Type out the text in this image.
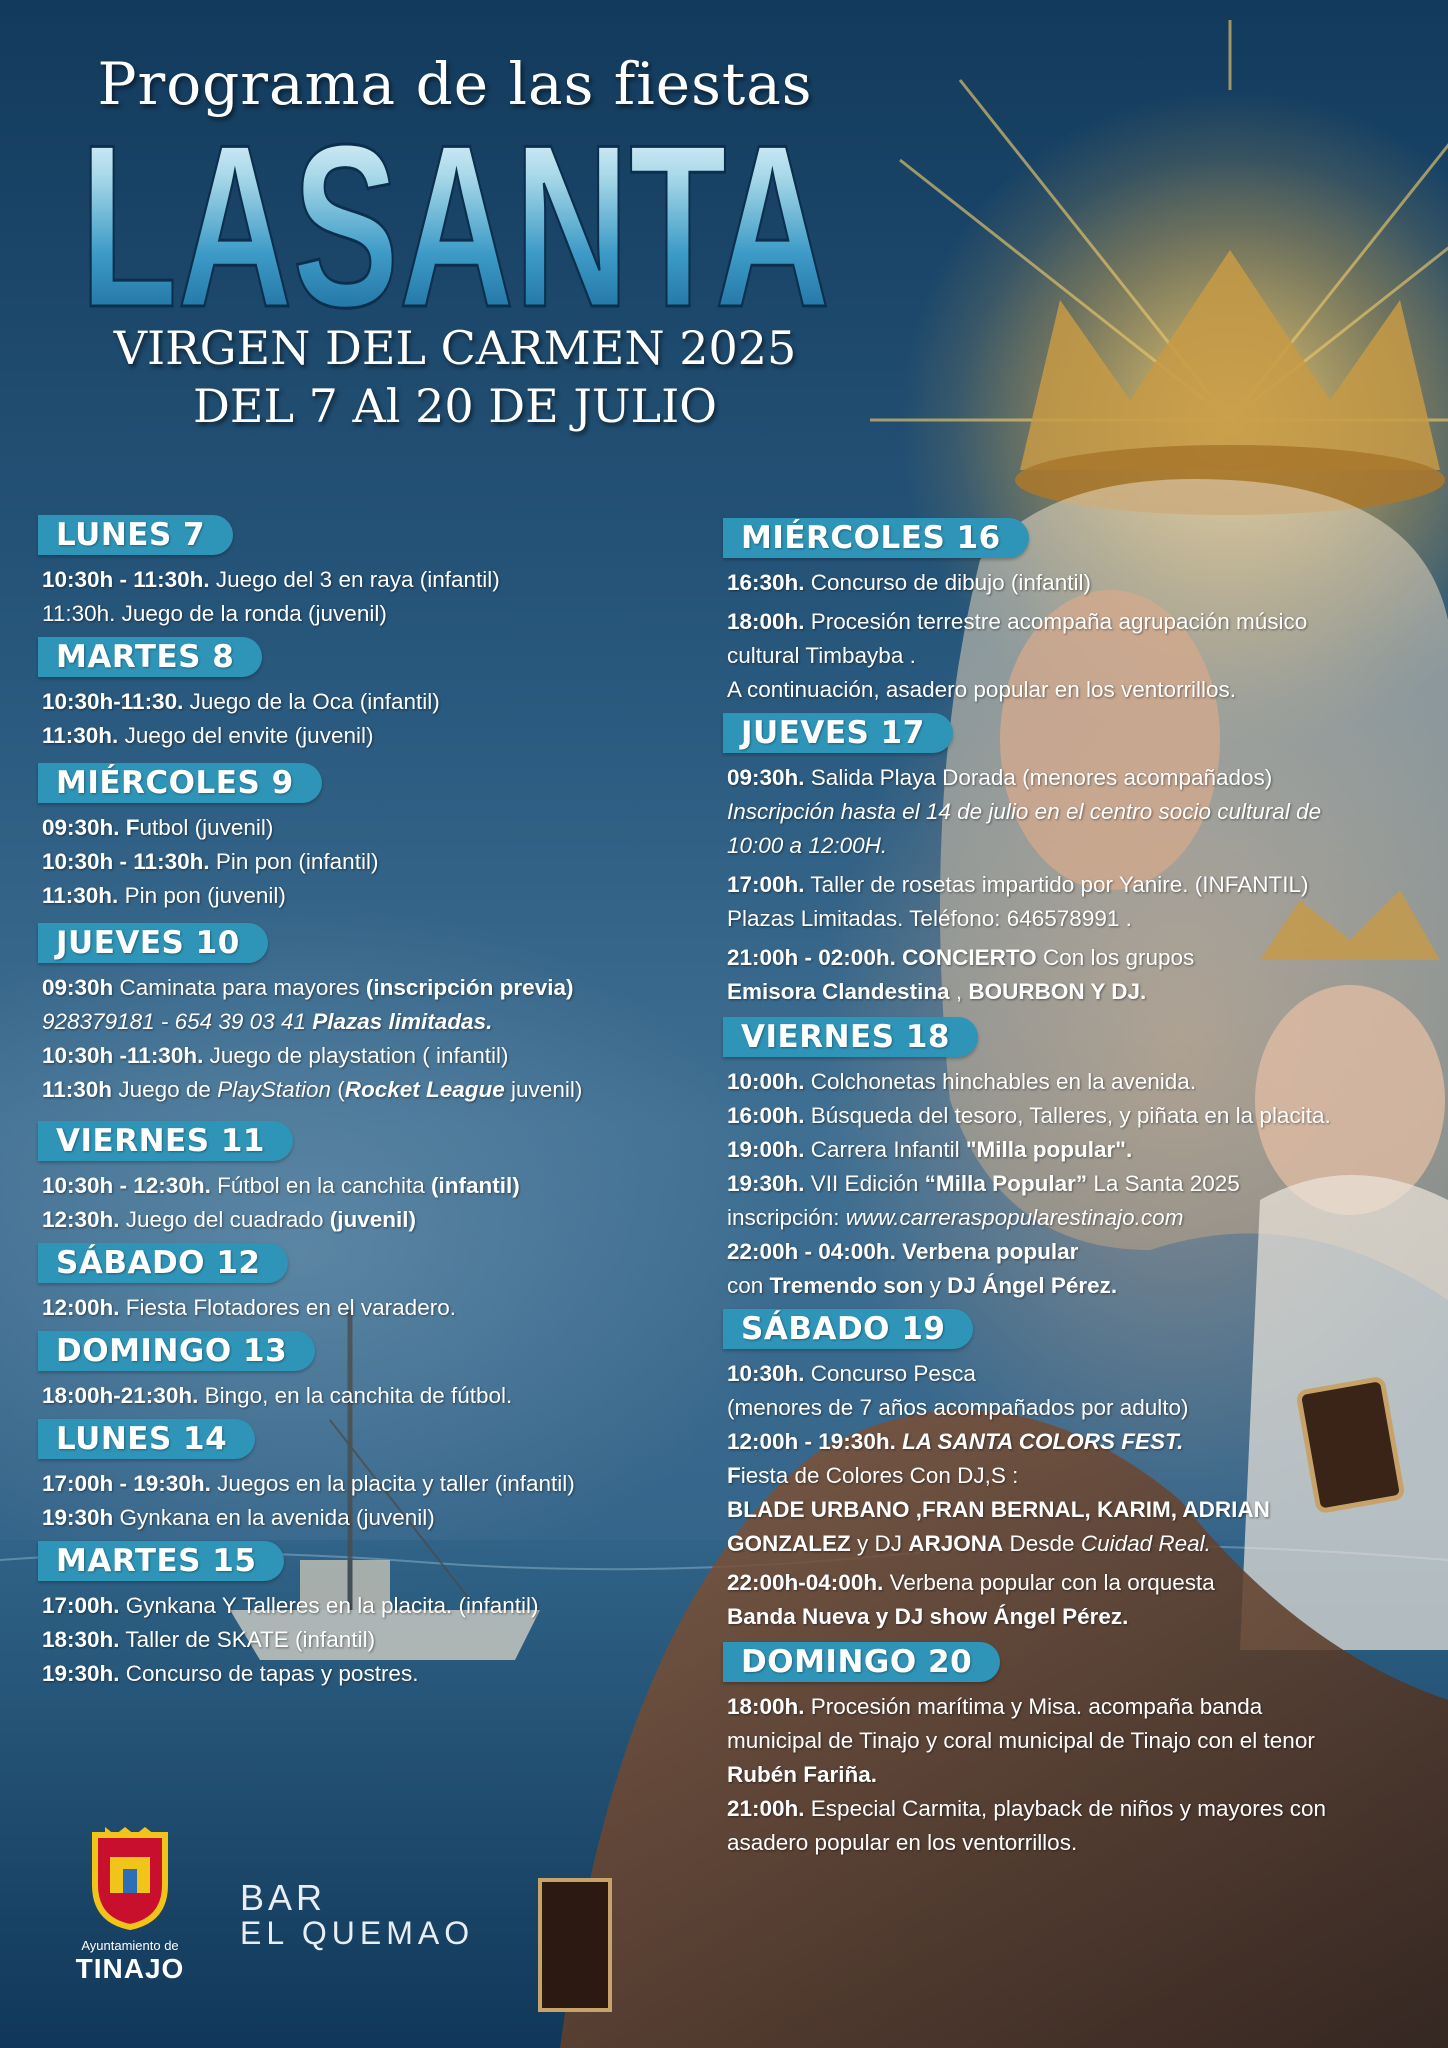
Programa de las fiestas
LASANTA
VIRGEN DEL CARMEN 2025
DEL 7 Al 20 DE JULIO
LUNES 7
10:30h - 11:30h. Juego del 3 en raya (infantil)
11:30h. Juego de la ronda (juvenil)
MARTES 8
10:30h-11:30. Juego de la Oca (infantil)
11:30h. Juego del envite (juvenil)
MIÉRCOLES 9
09:30h. Futbol (juvenil)
10:30h - 11:30h. Pin pon (infantil)
11:30h. Pin pon (juvenil)
JUEVES 10
09:30h Caminata para mayores (inscripción previa)
928379181 - 654 39 03 41 Plazas limitadas.
10:30h -11:30h. Juego de playstation ( infantil)
11:30h Juego de PlayStation (Rocket League juvenil)
VIERNES 11
10:30h - 12:30h. Fútbol en la canchita (infantil)
12:30h. Juego del cuadrado (juvenil)
SÁBADO 12
12:00h. Fiesta Flotadores en el varadero.
DOMINGO 13
18:00h-21:30h. Bingo, en la canchita de fútbol.
LUNES 14
17:00h - 19:30h. Juegos en la placita y taller (infantil)
19:30h Gynkana en la avenida (juvenil)
MARTES 15
17:00h. Gynkana Y Talleres en la placita. (infantil)
18:30h. Taller de SKATE (infantil)
19:30h. Concurso de tapas y postres.
MIÉRCOLES 16
16:30h. Concurso de dibujo (infantil)
18:00h. Procesión terrestre acompaña agrupación músico
cultural Timbayba .
A continuación, asadero popular en los ventorrillos.
JUEVES 17
09:30h. Salida Playa Dorada (menores acompañados)
Inscripción hasta el 14 de julio en el centro socio cultural de
10:00 a 12:00H.
17:00h. Taller de rosetas impartido por Yanire. (INFANTIL)
Plazas Limitadas. Teléfono: 646578991 .
21:00h - 02:00h. CONCIERTO Con los grupos
Emisora Clandestina , BOURBON Y DJ.
VIERNES 18
10:00h. Colchonetas hinchables en la avenida.
16:00h. Búsqueda del tesoro, Talleres, y piñata en la placita.
19:00h. Carrera Infantil "Milla popular".
19:30h. VII Edición “Milla Popular” La Santa 2025
inscripción: www.carreraspopularestinajo.com
22:00h - 04:00h. Verbena popular
con Tremendo son y DJ Ángel Pérez.
SÁBADO 19
10:30h. Concurso Pesca
(menores de 7 años acompañados por adulto)
12:00h - 19:30h. LA SANTA COLORS FEST.
Fiesta de Colores Con DJ,S :
BLADE URBANO ,FRAN BERNAL, KARIM, ADRIAN
GONZALEZ y DJ ARJONA Desde Cuidad Real.
22:00h-04:00h. Verbena popular con la orquesta
Banda Nueva y DJ show Ángel Pérez.
DOMINGO 20
18:00h. Procesión marítima y Misa. acompaña banda
municipal de Tinajo y coral municipal de Tinajo con el tenor
Rubén Fariña.
21:00h. Especial Carmita, playback de niños y mayores con
asadero popular en los ventorrillos.
Ayuntamiento de
TINAJO
BAR
EL QUEMAO
